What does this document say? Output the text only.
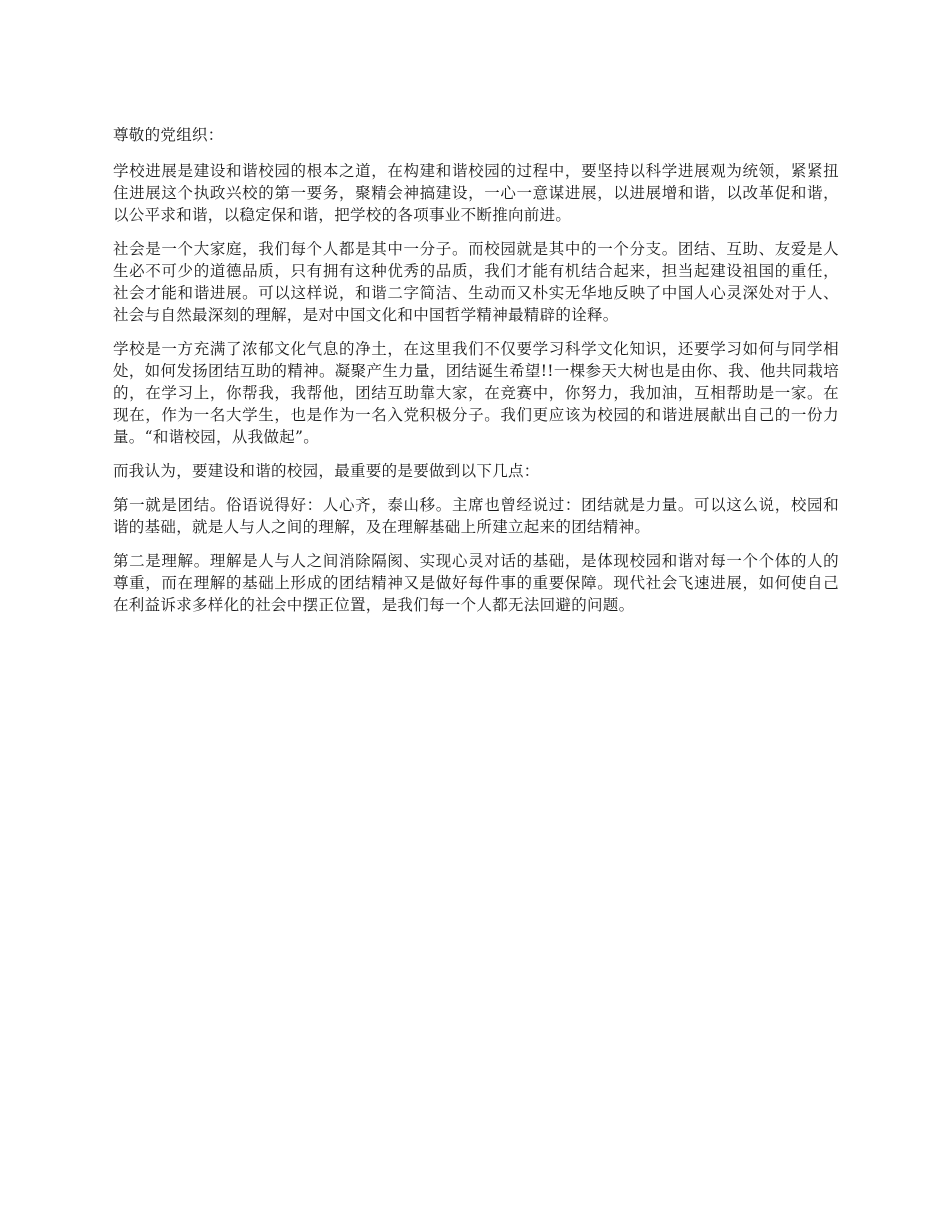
尊敬的党组织：

学校进展是建设和谐校园的根本之道，在构建和谐校园的过程中，要坚持以科学进展观为统领，紧紧扭住进展这个执政兴校的第一要务，聚精会神搞建设，一心一意谋进展，以进展增和谐，以改革促和谐，以公平求和谐，以稳定保和谐，把学校的各项事业不断推向前进。

社会是一个大家庭，我们每个人都是其中一分子。而校园就是其中的一个分支。团结、互助、友爱是人生必不可少的道德品质，只有拥有这种优秀的品质，我们才能有机结合起来，担当起建设祖国的重任，社会才能和谐进展。可以这样说，和谐二字简洁、生动而又朴实无华地反映了中国人心灵深处对于人、社会与自然最深刻的理解，是对中国文化和中国哲学精神最精辟的诠释。

学校是一方充满了浓郁文化气息的净土，在这里我们不仅要学习科学文化知识，还要学习如何与同学相处，如何发扬团结互助的精神。凝聚产生力量，团结诞生希望!!一棵参天大树也是由你、我、他共同栽培的，在学习上，你帮我，我帮他，团结互助靠大家，在竞赛中，你努力，我加油，互相帮助是一家。在现在，作为一名大学生，也是作为一名入党积极分子。我们更应该为校园的和谐进展献出自己的一份力量。“和谐校园，从我做起”。

而我认为，要建设和谐的校园，最重要的是要做到以下几点：

第一就是团结。俗语说得好：人心齐，泰山移。主席也曾经说过：团结就是力量。可以这么说，校园和谐的基础，就是人与人之间的理解，及在理解基础上所建立起来的团结精神。

第二是理解。理解是人与人之间消除隔阂、实现心灵对话的基础，是体现校园和谐对每一个个体的人的尊重，而在理解的基础上形成的团结精神又是做好每件事的重要保障。现代社会飞速进展，如何使自己在利益诉求多样化的社会中摆正位置，是我们每一个人都无法回避的问题。
